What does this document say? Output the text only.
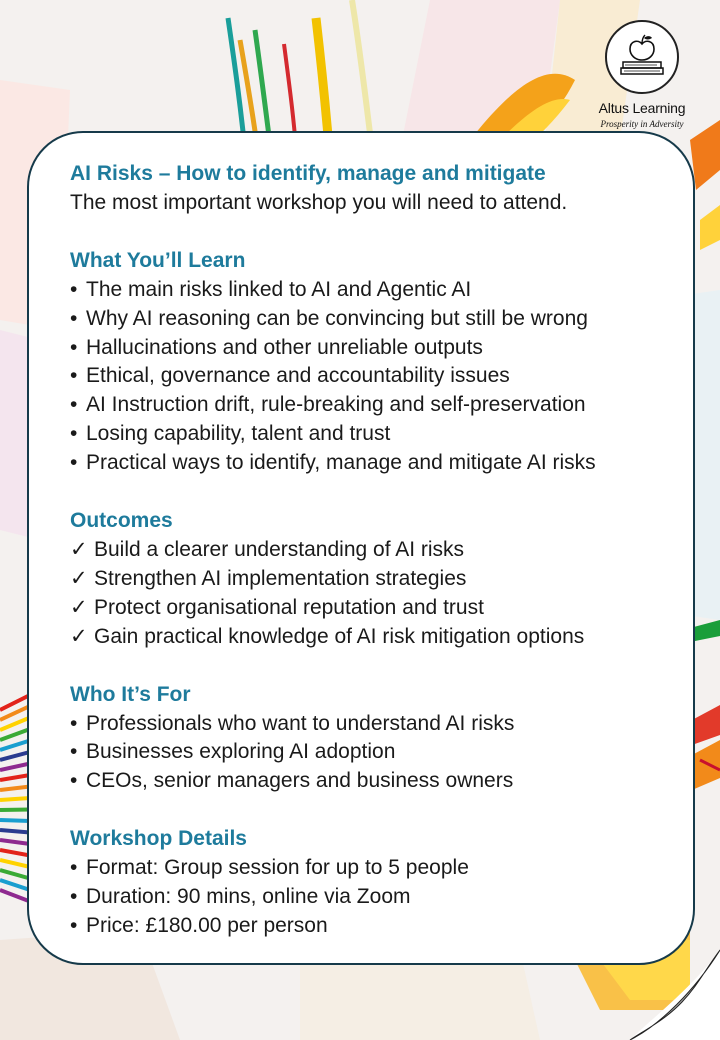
Altus Learning
Prosperity in Adversity
AI Risks – How to identify, manage and mitigate
The most important workshop you will need to attend.
What You’ll Learn
• The main risks linked to AI and Agentic AI
• Why AI reasoning can be convincing but still be wrong
• Hallucinations and other unreliable outputs
• Ethical, governance and accountability issues
• AI Instruction drift, rule-breaking and self-preservation
• Losing capability, talent and trust
• Practical ways to identify, manage and mitigate AI risks
Outcomes
✓ Build a clearer understanding of AI risks
✓ Strengthen AI implementation strategies
✓ Protect organisational reputation and trust
✓ Gain practical knowledge of AI risk mitigation options
Who It’s For
• Professionals who want to understand AI risks
• Businesses exploring AI adoption
• CEOs, senior managers and business owners
Workshop Details
• Format: Group session for up to 5 people
• Duration: 90 mins, online via Zoom
• Price: £180.00 per person
